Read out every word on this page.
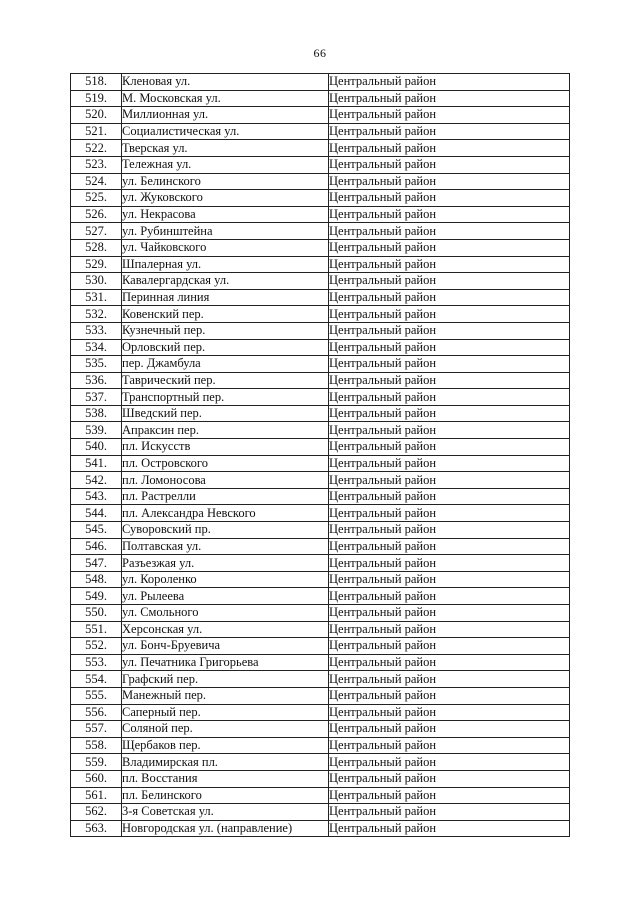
66
518.	Кленовая ул.	Центральный район
519.	М. Московская ул.	Центральный район
520.	Миллионная ул.	Центральный район
521.	Социалистическая ул.	Центральный район
522.	Тверская ул.	Центральный район
523.	Тележная ул.	Центральный район
524.	ул. Белинского	Центральный район
525.	ул. Жуковского	Центральный район
526.	ул. Некрасова	Центральный район
527.	ул. Рубинштейна	Центральный район
528.	ул. Чайковского	Центральный район
529.	Шпалерная ул.	Центральный район
530.	Кавалергардская ул.	Центральный район
531.	Перинная линия	Центральный район
532.	Ковенский пер.	Центральный район
533.	Кузнечный пер.	Центральный район
534.	Орловский пер.	Центральный район
535.	пер. Джамбула	Центральный район
536.	Таврический пер.	Центральный район
537.	Транспортный пер.	Центральный район
538.	Шведский пер.	Центральный район
539.	Апраксин пер.	Центральный район
540.	пл. Искусств	Центральный район
541.	пл. Островского	Центральный район
542.	пл. Ломоносова	Центральный район
543.	пл. Растрелли	Центральный район
544.	пл. Александра Невского	Центральный район
545.	Суворовский пр.	Центральный район
546.	Полтавская ул.	Центральный район
547.	Разъезжая ул.	Центральный район
548.	ул. Короленко	Центральный район
549.	ул. Рылеева	Центральный район
550.	ул. Смольного	Центральный район
551.	Херсонская ул.	Центральный район
552.	ул. Бонч-Бруевича	Центральный район
553.	ул. Печатника Григорьева	Центральный район
554.	Графский пер.	Центральный район
555.	Манежный пер.	Центральный район
556.	Саперный пер.	Центральный район
557.	Соляной пер.	Центральный район
558.	Щербаков пер.	Центральный район
559.	Владимирская пл.	Центральный район
560.	пл. Восстания	Центральный район
561.	пл. Белинского	Центральный район
562.	3-я Советская ул.	Центральный район
563.	Новгородская ул. (направление)	Центральный район
